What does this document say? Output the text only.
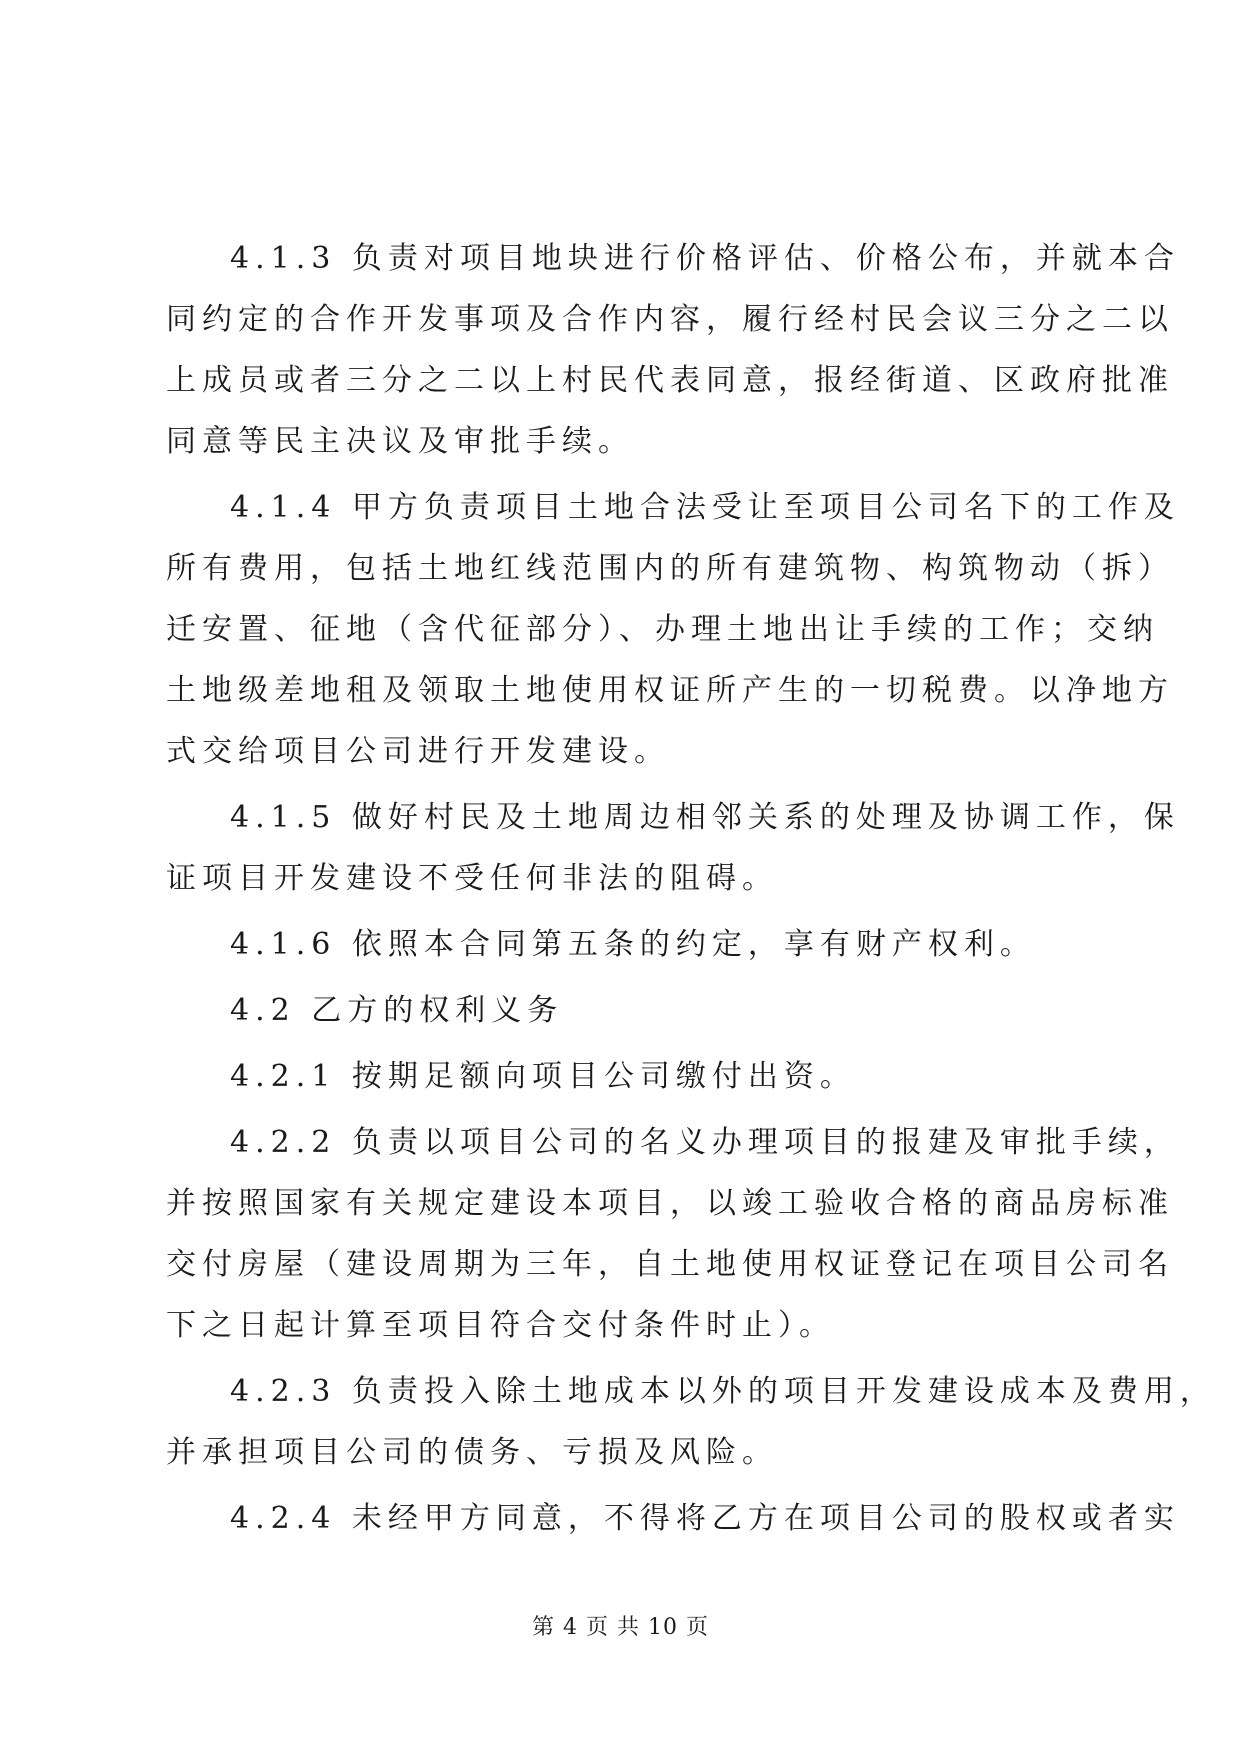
4.1.3 负责对项目地块进行价格评估、价格公布，并就本合
同约定的合作开发事项及合作内容，履行经村民会议三分之二以
上成员或者三分之二以上村民代表同意，报经街道、区政府批准
同意等民主决议及审批手续。

4.1.4 甲方负责项目土地合法受让至项目公司名下的工作及
所有费用，包括土地红线范围内的所有建筑物、构筑物动（拆）
迁安置、征地（含代征部分）、办理土地出让手续的工作；交纳
土地级差地租及领取土地使用权证所产生的一切税费。以净地方
式交给项目公司进行开发建设。

4.1.5 做好村民及土地周边相邻关系的处理及协调工作，保
证项目开发建设不受任何非法的阻碍。

4.1.6 依照本合同第五条的约定，享有财产权利。

4.2 乙方的权利义务

4.2.1 按期足额向项目公司缴付出资。

4.2.2 负责以项目公司的名义办理项目的报建及审批手续，
并按照国家有关规定建设本项目，以竣工验收合格的商品房标准
交付房屋（建设周期为三年，自土地使用权证登记在项目公司名
下之日起计算至项目符合交付条件时止）。

4.2.3 负责投入除土地成本以外的项目开发建设成本及费用，
并承担项目公司的债务、亏损及风险。

4.2.4 未经甲方同意，不得将乙方在项目公司的股权或者实

第 4 页 共 10 页
